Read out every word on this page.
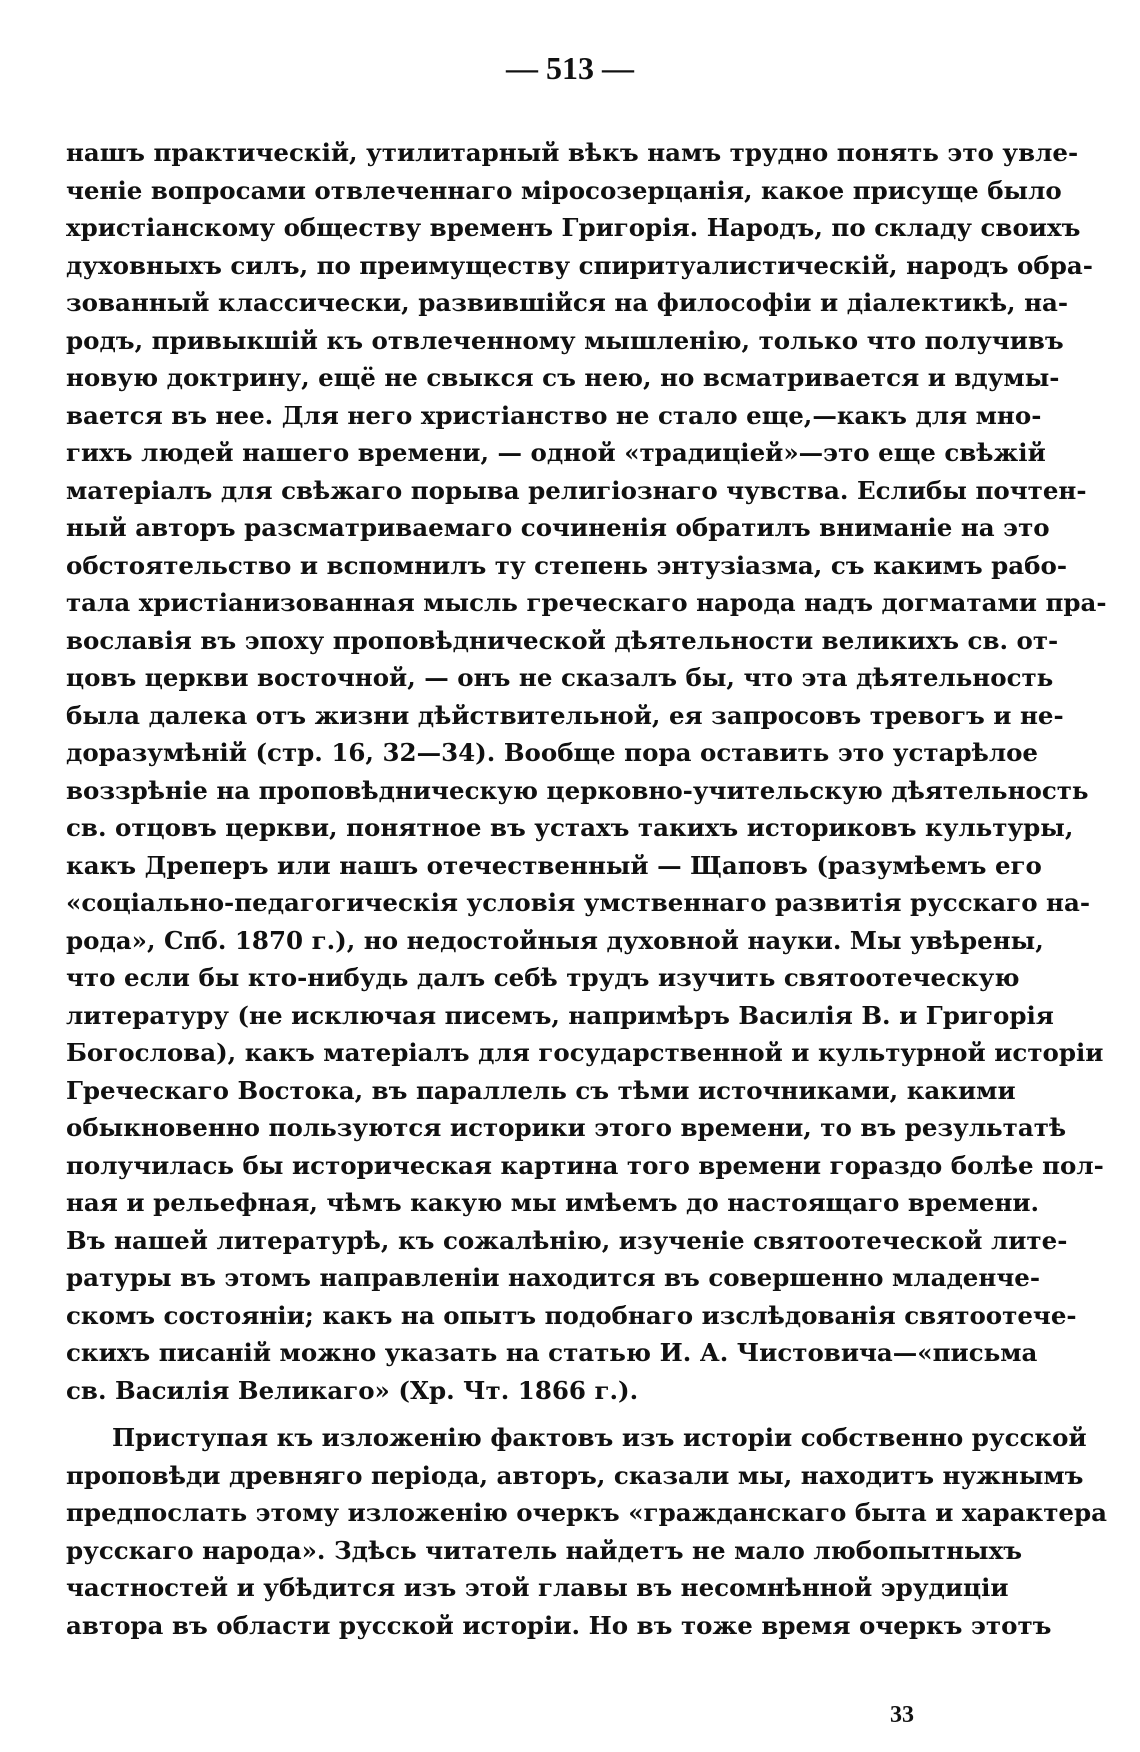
— 513 —
нашъ практическій, утилитарный вѣкъ намъ трудно понять это увле-
ченіе вопросами отвлеченнаго міросозерцанія, какое присуще было
христіанскому обществу временъ Григорія. Народъ, по складу своихъ
духовныхъ силъ, по преимуществу спиритуалистическій, народъ обра-
зованный классически, развившійся на философіи и діалектикѣ, на-
родъ, привыкшій къ отвлеченному мышленію, только что получивъ
новую доктрину, ещё не свыкся съ нею, но всматривается и вдумы-
вается въ нее. Для него христіанство не стало еще,—какъ для мно-
гихъ людей нашего времени, — одной «традиціей»—это еще свѣжій
матеріалъ для свѣжаго порыва религіознаго чувства. Еслибы почтен-
ный авторъ разсматриваемаго сочиненія обратилъ вниманіе на это
обстоятельство и вспомнилъ ту степень энтузіазма, съ какимъ рабо-
тала христіанизованная мысль греческаго народа надъ догматами пра-
вославія въ эпоху проповѣднической дѣятельности великихъ св. от-
цовъ церкви восточной, — онъ не сказалъ бы, что эта дѣятельность
была далека отъ жизни дѣйствительной, ея запросовъ тревогъ и не-
доразумѣній (стр. 16, 32—34). Вообще пора оставить это устарѣлое
воззрѣніе на проповѣдническую церковно-учительскую дѣятельность
св. отцовъ церкви, понятное въ устахъ такихъ историковъ культуры,
какъ Дреперъ или нашъ отечественный — Щаповъ (разумѣемъ его
«соціально-педагогическія условія умственнаго развитія русскаго на-
рода», Спб. 1870 г.), но недостойныя духовной науки. Мы увѣрены,
что если бы кто-нибудь далъ себѣ трудъ изучить святоотеческую
литературу (не исключая писемъ, напримѣръ Василія В. и Григорія
Богослова), какъ матеріалъ для государственной и культурной исторіи
Греческаго Востока, въ параллель съ тѣми источниками, какими
обыкновенно пользуются историки этого времени, то въ результатѣ
получилась бы историческая картина того времени гораздо болѣе пол-
ная и рельефная, чѣмъ какую мы имѣемъ до настоящаго времени.
Въ нашей литературѣ, къ сожалѣнію, изученіе святоотеческой лите-
ратуры въ этомъ направленіи находится въ совершенно младенче-
скомъ состояніи; какъ на опытъ подобнаго изслѣдованія святоотече-
скихъ писаній можно указать на статью И. А. Чистовича—«письма
св. Василія Великаго» (Хр. Чт. 1866 г.).
Приступая къ изложенію фактовъ изъ исторіи собственно русской
проповѣди древняго періода, авторъ, сказали мы, находитъ нужнымъ
предпослать этому изложенію очеркъ «гражданскаго быта и характера
русскаго народа». Здѣсь читатель найдетъ не мало любопытныхъ
частностей и убѣдится изъ этой главы въ несомнѣнной эрудиціи
автора въ области русской исторіи. Но въ тоже время очеркъ этотъ
33
